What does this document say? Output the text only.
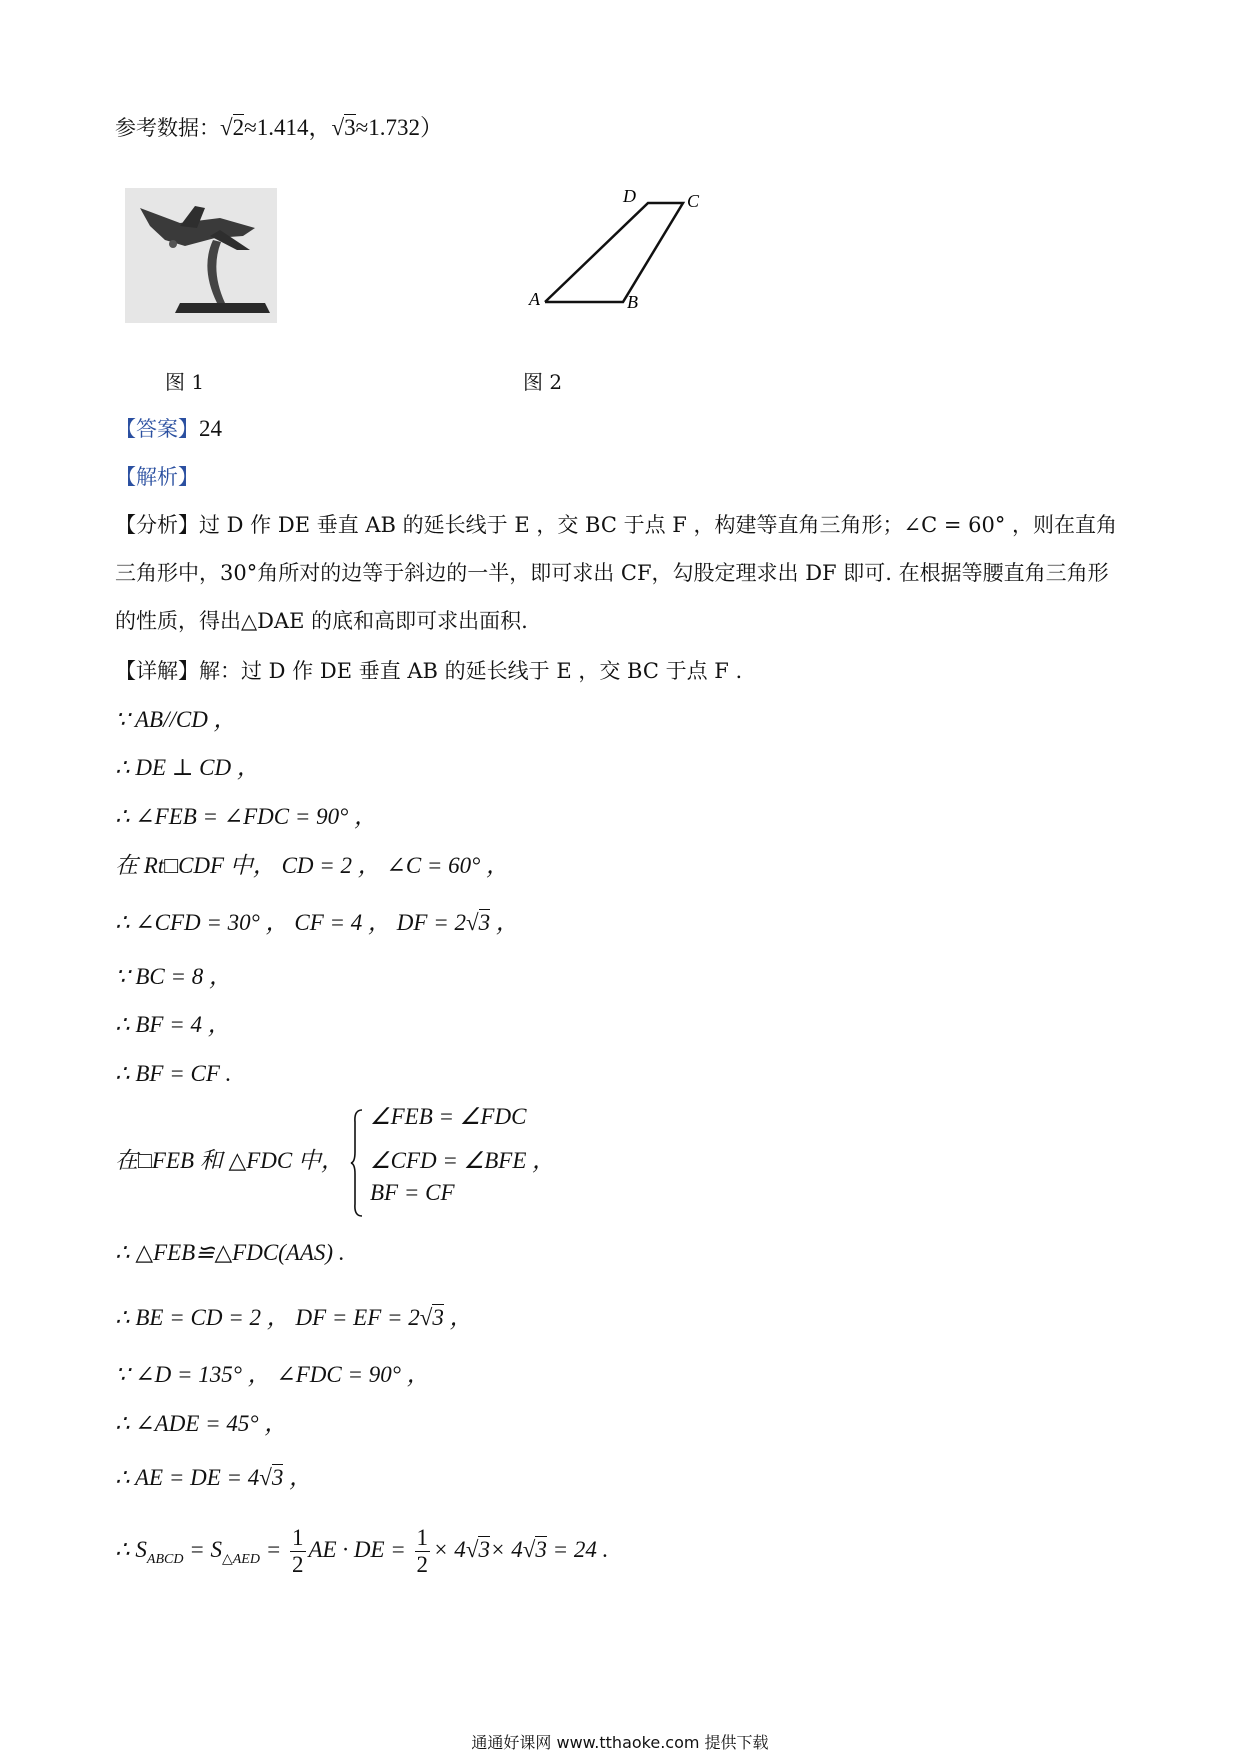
参考数据：√2≈1.414，√3≈1.732）
图 1
A	B
C
D
图 2
【答案】24
【解析】
【分析】过 D 作 DE 垂直 AB 的延长线于 E ，交 BC 于点 F ，构建等直角三角形；∠C = 60° ，则在直角
三角形中，30°角所对的边等于斜边的一半，即可求出 CF，勾股定理求出 DF 即可. 在根据等腰直角三角形
的性质，得出△DAE 的底和高即可求出面积.
【详解】解：过 D 作 DE 垂直 AB 的延长线于 E ，交 BC 于点 F .
∵ AB//CD ，
∴ DE ⊥ CD ，
∴ ∠FEB = ∠FDC = 90° ，
在 Rt□CDF 中， CD = 2 ， ∠C = 60° ，
∴ ∠CFD = 30° ， CF = 4 ， DF = 2√3 ，
∵ BC = 8 ，
∴ BF = 4 ，
∴ BF = CF .
在□FEB 和 △FDC 中，
∠FEB = ∠FDC
∠CFD = ∠BFE ，
BF = CF
∴ △FEB≌△FDC(AAS) .
∴ BE = CD = 2 ， DF = EF = 2√3 ，
∵ ∠D = 135° ， ∠FDC = 90° ，
∴ ∠ADE = 45° ，
∴ AE = DE = 4√3 ，
∴ $S_{ABCD} = S_{\triangle AED} = \frac{1}{2}$ AE · DE = $\frac{1}{2} \times 4√3\times 4√3 = 24$ .
通通好课网 www.tthaoke.com 提供下载
